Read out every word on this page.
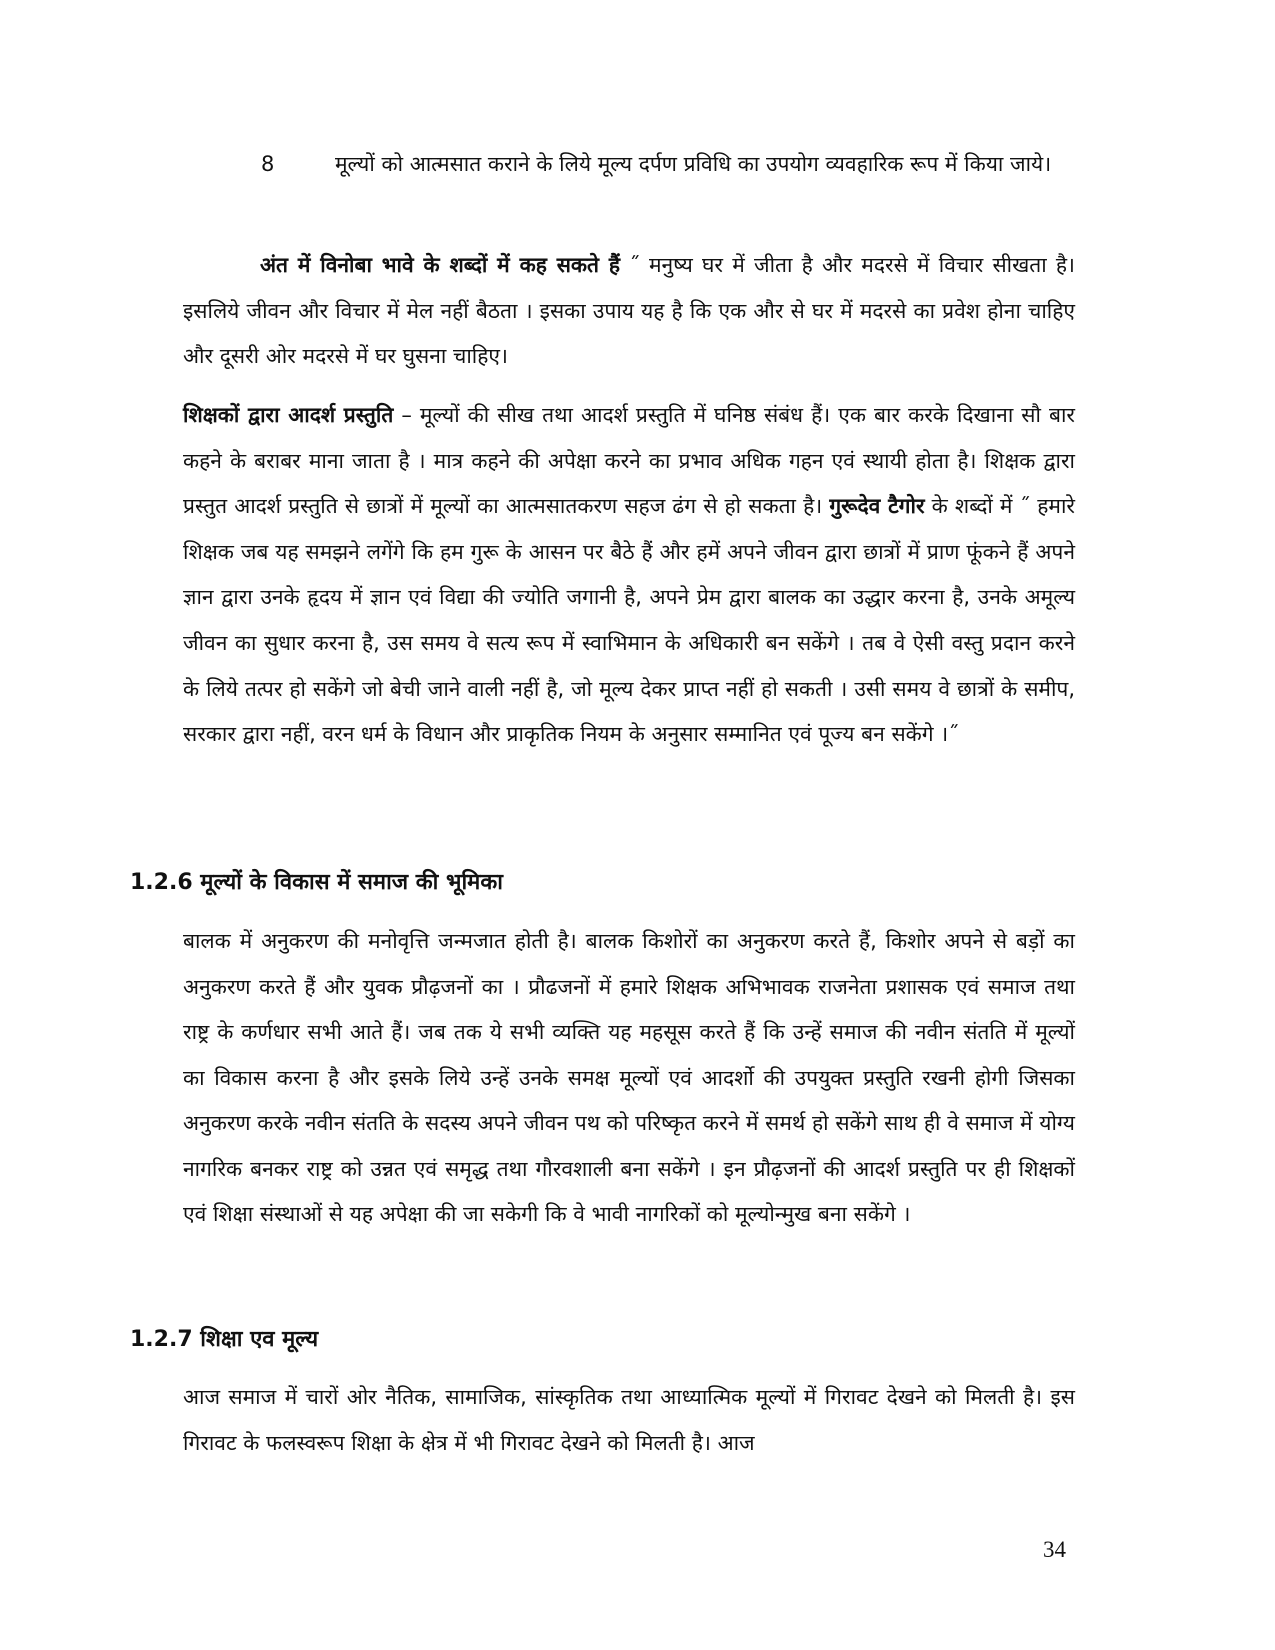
8	मूल्यों को आत्मसात कराने के लिये मूल्य दर्पण प्रविधि का उपयोग व्यवहारिक रूप में किया जाये।

अंत में विनोबा भावे के शब्दों में कह सकते हैं ˝ मनुष्य घर में जीता है और मदरसे में विचार सीखता है। इसलिये जीवन और विचार में मेल नहीं बैठता । इसका उपाय यह है कि एक और से घर में मदरसे का प्रवेश होना चाहिए और दूसरी ओर मदरसे में घर घुसना चाहिए।

शिक्षकों द्वारा आदर्श प्रस्तुति – मूल्यों की सीख तथा आदर्श प्रस्तुति में घनिष्ठ संबंध हैं। एक बार करके दिखाना सौ बार कहने के बराबर माना जाता है । मात्र कहने की अपेक्षा करने का प्रभाव अधिक गहन एवं स्थायी होता है। शिक्षक द्वारा प्रस्तुत आदर्श प्रस्तुति से छात्रों में मूल्यों का आत्मसातकरण सहज ढंग से हो सकता है। गुरूदेव टैगोर के शब्दों में ˝ हमारे शिक्षक जब यह समझने लगेंगे कि हम गुरू के आसन पर बैठे हैं और हमें अपने जीवन द्वारा छात्रों में प्राण फूंकने हैं अपने ज्ञान द्वारा उनके हृदय में ज्ञान एवं विद्या की ज्योति जगानी है, अपने प्रेम द्वारा बालक का उद्धार करना है, उनके अमूल्य जीवन का सुधार करना है, उस समय वे सत्य रूप में स्वाभिमान के अधिकारी बन सकेंगे । तब वे ऐसी वस्तु प्रदान करने के लिये तत्पर हो सकेंगे जो बेची जाने वाली नहीं है, जो मूल्य देकर प्राप्त नहीं हो सकती । उसी समय वे छात्रों के समीप, सरकार द्वारा नहीं, वरन धर्म के विधान और प्राकृतिक नियम के अनुसार सम्मानित एवं पूज्य बन सकेंगे ।˝

1.2.6 मूल्यों के विकास में समाज की भूमिका

बालक में अनुकरण की मनोवृत्ति जन्मजात होती है। बालक किशोरों का अनुकरण करते हैं, किशोर अपने से बड़ों का अनुकरण करते हैं और युवक प्रौढ़जनों का । प्रौढजनों में हमारे शिक्षक अभिभावक राजनेता प्रशासक एवं समाज तथा राष्ट्र के कर्णधार सभी आते हैं। जब तक ये सभी व्यक्ति यह महसूस करते हैं कि उन्हें समाज की नवीन संतति में मूल्यों का विकास करना है और इसके लिये उन्हें उनके समक्ष मूल्यों एवं आदर्शो की उपयुक्त प्रस्तुति रखनी होगी जिसका अनुकरण करके नवीन संतति के सदस्य अपने जीवन पथ को परिष्कृत करने में समर्थ हो सकेंगे साथ ही वे समाज में योग्य नागरिक बनकर राष्ट्र को उन्नत एवं समृद्ध तथा गौरवशाली बना सकेंगे । इन प्रौढ़जनों की आदर्श प्रस्तुति पर ही शिक्षकों एवं शिक्षा संस्थाओं से यह अपेक्षा की जा सकेगी कि वे भावी नागरिकों को मूल्योन्मुख बना सकेंगे ।

1.2.7 शिक्षा एव मूल्य

आज समाज में चारों ओर नैतिक, सामाजिक, सांस्कृतिक तथा आध्यात्मिक मूल्यों में गिरावट देखने को मिलती है। इस गिरावट के फलस्वरूप शिक्षा के क्षेत्र में भी गिरावट देखने को मिलती है। आज

34
